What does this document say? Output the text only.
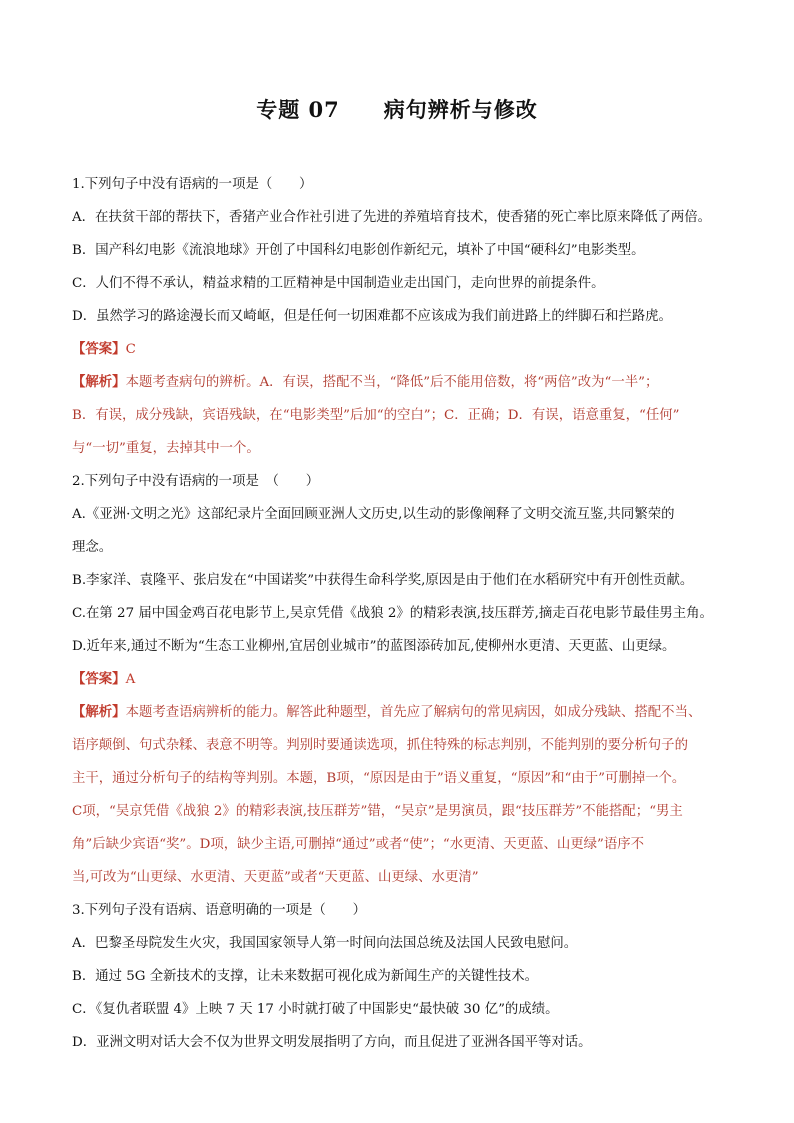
专题 07　　病句辨析与修改

1.下列句子中没有语病的一项是（　　）

A．在扶贫干部的帮扶下，香猪产业合作社引进了先进的养殖培育技术，使香猪的死亡率比原来降低了两倍。

B．国产科幻电影《流浪地球》开创了中国科幻电影创作新纪元，填补了中国“硬科幻”电影类型。

C．人们不得不承认，精益求精的工匠精神是中国制造业走出国门，走向世界的前提条件。

D．虽然学习的路途漫长而又崎岖，但是任何一切困难都不应该成为我们前进路上的绊脚石和拦路虎。

【答案】C

【解析】本题考查病句的辨析。A．有误，搭配不当，“降低”后不能用倍数，将“两倍”改为“一半”；

B．有误，成分残缺，宾语残缺，在“电影类型”后加“的空白”；C．正确；D．有误，语意重复，“任何”

与“一切”重复，去掉其中一个。

2.下列句子中没有语病的一项是　（　　）

A.《亚洲·文明之光》这部纪录片全面回顾亚洲人文历史,以生动的影像阐释了文明交流互鉴,共同繁荣的

理念。

B.李家洋、袁隆平、张启发在“中国诺奖”中获得生命科学奖,原因是由于他们在水稻研究中有开创性贡献。

C.在第 27 届中国金鸡百花电影节上,吴京凭借《战狼 2》的精彩表演,技压群芳,摘走百花电影节最佳男主角。

D.近年来,通过不断为“生态工业柳州,宜居创业城市”的蓝图添砖加瓦,使柳州水更清、天更蓝、山更绿。

【答案】A

【解析】本题考查语病辨析的能力。解答此种题型，首先应了解病句的常见病因，如成分残缺、搭配不当、

语序颠倒、句式杂糅、表意不明等。判别时要通读选项，抓住特殊的标志判别，不能判别的要分析句子的

主干，通过分析句子的结构等判别。本题，B项，“原因是由于”语义重复，“原因”和“由于”可删掉一个。

C项，“吴京凭借《战狼 2》的精彩表演,技压群芳”错，“吴京”是男演员，跟“技压群芳”不能搭配；“男主

角”后缺少宾语“奖”。D项，缺少主语,可删掉“通过”或者“使”；“水更清、天更蓝、山更绿”语序不

当,可改为“山更绿、水更清、天更蓝”或者“天更蓝、山更绿、水更清”

3.下列句子没有语病、语意明确的一项是（　　）

A．巴黎圣母院发生火灾，我国国家领导人第一时间向法国总统及法国人民致电慰问。

B．通过 5G 全新技术的支撑，让未来数据可视化成为新闻生产的关键性技术。

C．《复仇者联盟 4》上映 7 天 17 小时就打破了中国影史“最快破 30 亿”的成绩。

D．亚洲文明对话大会不仅为世界文明发展指明了方向，而且促进了亚洲各国平等对话。
